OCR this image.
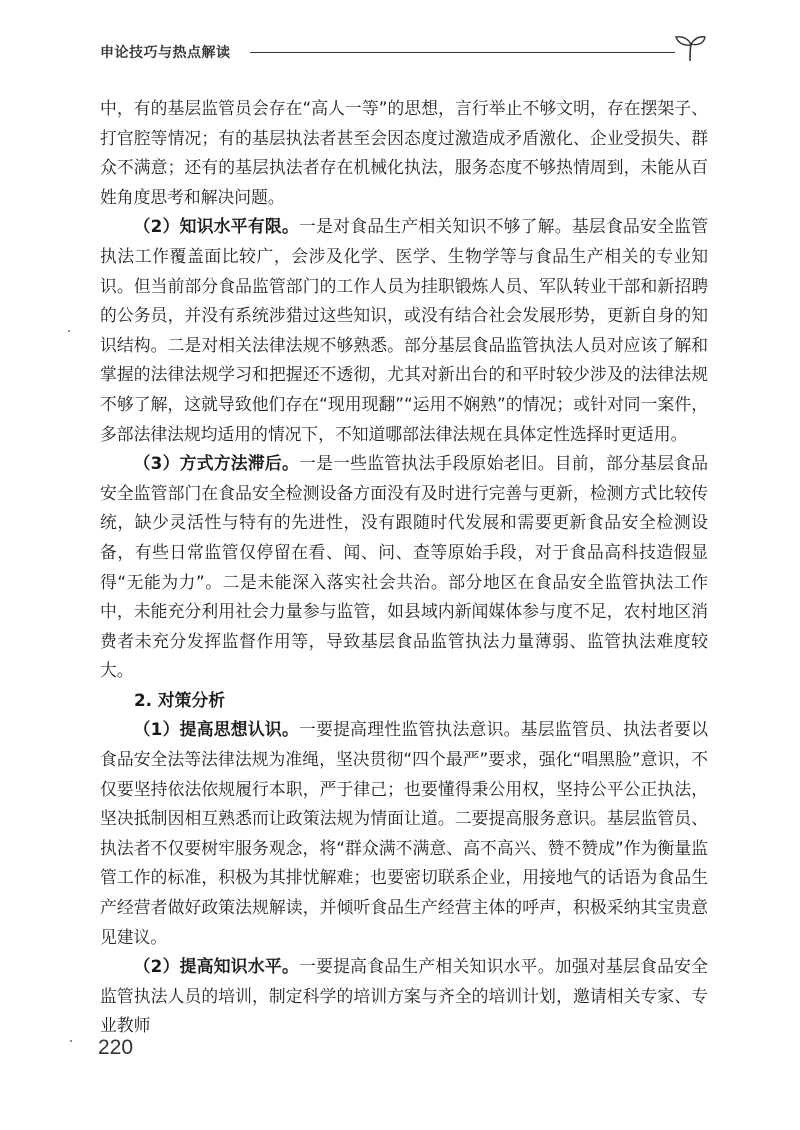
申论技巧与热点解读

中，有的基层监管员会存在“高人一等”的思想，言行举止不够文明，存在摆架子、打官腔等情况；有的基层执法者甚至会因态度过激造成矛盾激化、企业受损失、群众不满意；还有的基层执法者存在机械化执法，服务态度不够热情周到，未能从百姓角度思考和解决问题。

（2）知识水平有限。一是对食品生产相关知识不够了解。基层食品安全监管执法工作覆盖面比较广，会涉及化学、医学、生物学等与食品生产相关的专业知识。但当前部分食品监管部门的工作人员为挂职锻炼人员、军队转业干部和新招聘的公务员，并没有系统涉猎过这些知识，或没有结合社会发展形势，更新自身的知识结构。二是对相关法律法规不够熟悉。部分基层食品监管执法人员对应该了解和掌握的法律法规学习和把握还不透彻，尤其对新出台的和平时较少涉及的法律法规不够了解，这就导致他们存在“现用现翻”“运用不娴熟”的情况；或针对同一案件，多部法律法规均适用的情况下，不知道哪部法律法规在具体定性选择时更适用。

（3）方式方法滞后。一是一些监管执法手段原始老旧。目前，部分基层食品安全监管部门在食品安全检测设备方面没有及时进行完善与更新，检测方式比较传统，缺少灵活性与特有的先进性，没有跟随时代发展和需要更新食品安全检测设备，有些日常监管仅停留在看、闻、问、查等原始手段，对于食品高科技造假显得“无能为力”。二是未能深入落实社会共治。部分地区在食品安全监管执法工作中，未能充分利用社会力量参与监管，如县域内新闻媒体参与度不足，农村地区消费者未充分发挥监督作用等，导致基层食品监管执法力量薄弱、监管执法难度较大。

2. 对策分析

（1）提高思想认识。一要提高理性监管执法意识。基层监管员、执法者要以食品安全法等法律法规为准绳，坚决贯彻“四个最严”要求，强化“唱黑脸”意识，不仅要坚持依法依规履行本职，严于律己；也要懂得秉公用权，坚持公平公正执法，坚决抵制因相互熟悉而让政策法规为情面让道。二要提高服务意识。基层监管员、执法者不仅要树牢服务观念，将“群众满不满意、高不高兴、赞不赞成”作为衡量监管工作的标准，积极为其排忧解难；也要密切联系企业，用接地气的话语为食品生产经营者做好政策法规解读，并倾听食品生产经营主体的呼声，积极采纳其宝贵意见建议。

（2）提高知识水平。一要提高食品生产相关知识水平。加强对基层食品安全监管执法人员的培训，制定科学的培训方案与齐全的培训计划，邀请相关专家、专业教师

220
